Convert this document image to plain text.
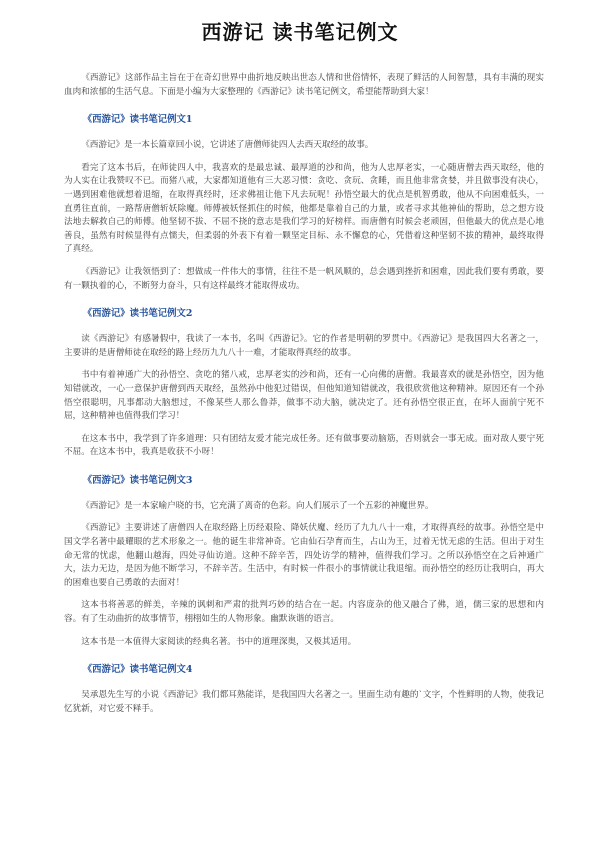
西游记 读书笔记例文

《西游记》这部作品主旨在于在奇幻世界中曲折地反映出世态人情和世俗情怀，表现了鲜活的人间智慧，具有丰满的现实血肉和浓郁的生活气息。下面是小编为大家整理的《西游记》读书笔记例文，希望能帮助到大家！

《西游记》读书笔记例文1

《西游记》是一本长篇章回小说，它讲述了唐僧师徒四人去西天取经的故事。

看完了这本书后，在师徒四人中，我喜欢的是最忠诚、最厚道的沙和尚，他为人忠厚老实，一心随唐僧去西天取经，他的为人实在让我赞叹不已。而猪八戒，大家都知道他有三大恶习惯：贪吃、贪玩、贪睡，而且他非常贪婪，并且做事没有决心，一遇到困难他就想着退缩，在取得真经时，还求佛祖让他下凡去玩呢！孙悟空最大的优点是机智勇敢，他从不向困难低头，一直勇往直前，一路帮唐僧斩妖除魔。师傅被妖怪抓住的时候，他都是靠着自己的力量，或者寻求其他神仙的帮助，总之想方设法地去解救自己的师傅。他坚韧不拔、不屈不挠的意志是我们学习的好榜样。而唐僧有时候会老顽固，但他最大的优点是心地善良，虽然有时候显得有点懦夫，但柔弱的外表下有着一颗坚定目标、永不懈怠的心，凭借着这种坚韧不拔的精神，最终取得了真经。

《西游记》让我领悟到了：想做成一件伟大的事情，往往不是一帆风顺的，总会遇到挫折和困难，因此我们要有勇敢，要有一颗执着的心，不断努力奋斗，只有这样最终才能取得成功。

《西游记》读书笔记例文2

读《西游记》有感暑假中，我读了一本书，名叫《西游记》。它的作者是明朝的罗贯中。《西游记》是我国四大名著之一，主要讲的是唐僧师徒在取经的路上经历九九八十一难，才能取得真经的故事。

书中有着神通广大的孙悟空、贪吃的猪八戒，忠厚老实的沙和尚，还有一心向佛的唐僧。我最喜欢的就是孙悟空，因为他知错就改，一心一意保护唐僧到西天取经，虽然孙中他犯过错误，但他知道知错就改，我很欣赏他这种精神。原因还有一个孙悟空很聪明，凡事都动大脑想过，不像某些人那么鲁莽，做事不动大脑，就决定了。还有孙悟空很正直，在坏人面前宁死不屈，这种精神也值得我们学习！

在这本书中，我学到了许多道理：只有团结友爱才能完成任务。还有做事要动脑筋，否则就会一事无成。面对敌人要宁死不屈。在这本书中，我真是收获不小呀！

《西游记》读书笔记例文3

《西游记》是一本家喻户晓的书，它充满了离奇的色彩。向人们展示了一个五彩的神魔世界。

《西游记》主要讲述了唐僧四人在取经路上历经艰险、降妖伏魔、经历了九九八十一难，才取得真经的故事。孙悟空是中国文学名著中最耀眼的艺术形象之一。他的诞生非常神奇。它由仙石孕育而生，占山为王，过着无忧无虑的生活。但出于对生命无常的忧虑，他翻山越海，四处寻仙访道。这种不辞辛苦，四处访学的精神，值得我们学习。之所以孙悟空在之后神通广大，法力无边，是因为他不断学习，不辞辛苦。生活中，有时候一件很小的事情就让我退缩。而孙悟空的经历让我明白，再大的困难也要自己勇敢的去面对！

这本书将善恶的鲜美，辛辣的讽刺和严肃的批判巧妙的结合在一起。内容庞杂的他又融合了佛，道，儒三家的思想和内容。有了生动曲折的故事情节，栩栩如生的人物形象。幽默诙谐的语言。

这本书是一本值得大家阅读的经典名著。书中的道理深奥，又极其适用。

《西游记》读书笔记例文4

吴承恩先生写的小说《西游记》我们都耳熟能详，是我国四大名著之一。里面生动有趣的`文字，个性鲜明的人物，使我记忆犹新，对它爱不释手。
